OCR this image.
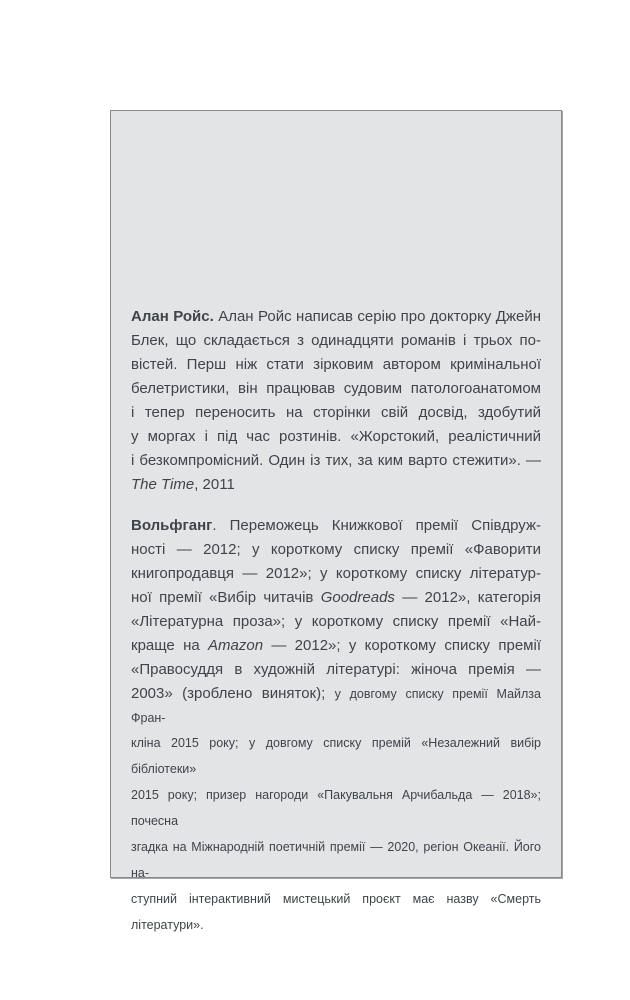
Алан Ройс. Алан Ройс написав серію про докторку Джейн
Блек, що складається з одинадцяти романів і трьох по-
вістей. Перш ніж стати зірковим автором кримінальної
белетристики, він працював судовим патологоанатомом
і тепер переносить на сторінки свій досвід, здобутий
у моргах і під час розтинів. «Жорстокий, реалістичний
і безкомпромісний. Один із тих, за ким варто стежити». —
The Time, 2011
Вольфганг. Переможець Книжкової премії Співдруж-
ності — 2012; у короткому списку премії «Фаворити
книгопродавця — 2012»; у короткому списку літератур-
ної премії «Вибір читачів Goodreads — 2012», категорія
«Літературна проза»; у короткому списку премії «Най-
краще на Amazon — 2012»; у короткому списку премії
«Правосуддя в художній літературі: жіноча премія —
2003» (зроблено виняток); у довгому списку премії Майлза Фран-
кліна 2015 року; у довгому списку премій «Незалежний вибір бібліотеки»
2015 року; призер нагороди «Пакувальня Арчибальда — 2018»; почесна
згадка на Міжнародній поетичній премії — 2020, регіон Океанії. Його на-
ступний інтерактивний мистецький проєкт має назву «Смерть літератури».
